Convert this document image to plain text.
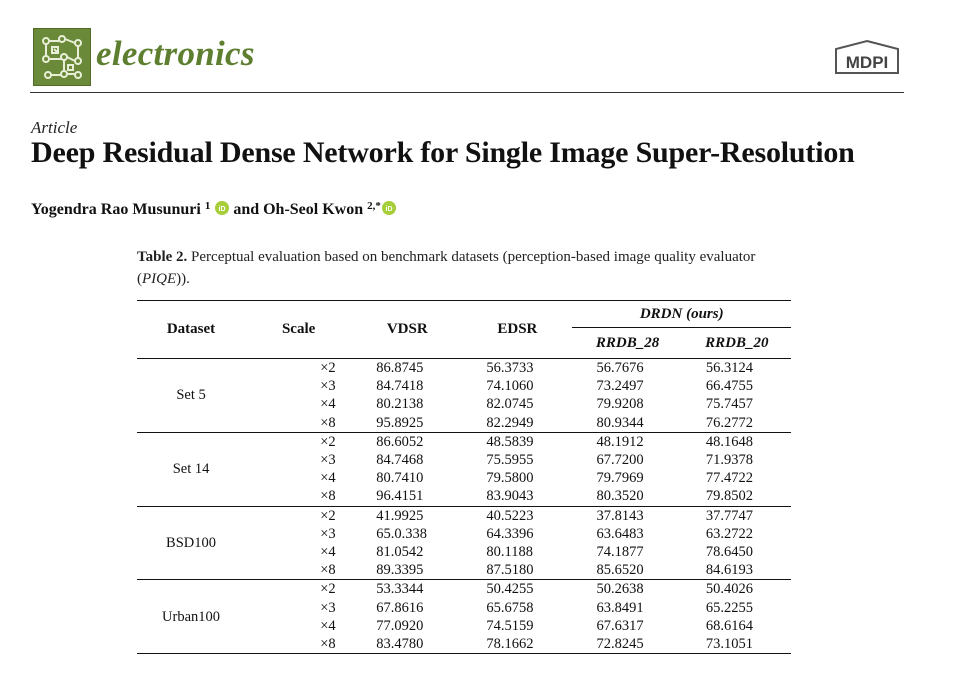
electronics	MDPI
Article
Deep Residual Dense Network for Single Image Super-Resolution
Yogendra Rao Musunuri $^1$ iD and Oh-Seol Kwon $^{2,*}$ iD
Table 2. Perceptual evaluation based on benchmark datasets (perception-based image quality evaluator (PIQE)).
Dataset	Scale	VDSR	EDSR	DRDN (ours)	
				RRDB_28	RRDB_20
Set 5	×2	86.8745	56.3733	56.7676	56.3124
	×3	84.7418	74.1060	73.2497	66.4755
	×4	80.2138	82.0745	79.9208	75.7457
	×8	95.8925	82.2949	80.9344	76.2772
Set 14	×2	86.6052	48.5839	48.1912	48.1648
	×3	84.7468	75.5955	67.7200	71.9378
	×4	80.7410	79.5800	79.7969	77.4722
	×8	96.4151	83.9043	80.3520	79.8502
BSD100	×2	41.9925	40.5223	37.8143	37.7747
	×3	65.0.338	64.3396	63.6483	63.2722
	×4	81.0542	80.1188	74.1877	78.6450
	×8	89.3395	87.5180	85.6520	84.6193
Urban100	×2	53.3344	50.4255	50.2638	50.4026
	×3	67.8616	65.6758	63.8491	65.2255
	×4	77.0920	74.5159	67.6317	68.6164
	×8	83.4780	78.1662	72.8245	73.1051
